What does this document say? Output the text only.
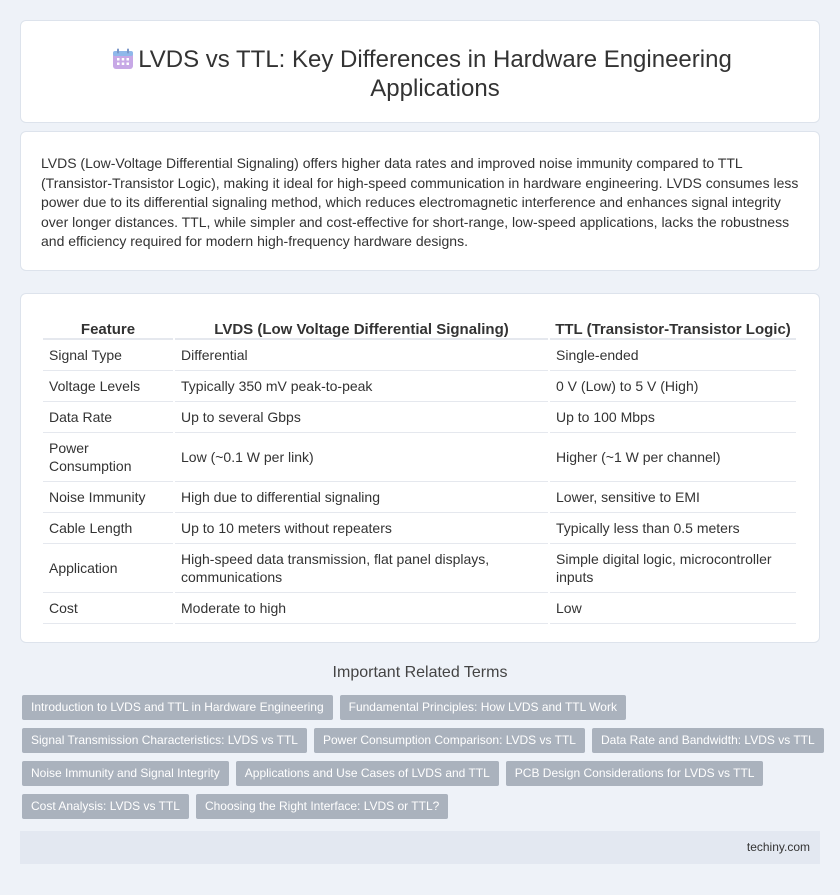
LVDS vs TTL: Key Differences in Hardware Engineering Applications

LVDS (Low-Voltage Differential Signaling) offers higher data rates and improved noise immunity compared to TTL (Transistor-Transistor Logic), making it ideal for high-speed communication in hardware engineering. LVDS consumes less power due to its differential signaling method, which reduces electromagnetic interference and enhances signal integrity over longer distances. TTL, while simpler and cost-effective for short-range, low-speed applications, lacks the robustness and efficiency required for modern high-frequency hardware designs.

Feature	LVDS (Low Voltage Differential Signaling)	TTL (Transistor-Transistor Logic)
Signal Type	Differential	Single-ended
Voltage Levels	Typically 350 mV peak-to-peak	0 V (Low) to 5 V (High)
Data Rate	Up to several Gbps	Up to 100 Mbps
Power Consumption	Low (~0.1 W per link)	Higher (~1 W per channel)
Noise Immunity	High due to differential signaling	Lower, sensitive to EMI
Cable Length	Up to 10 meters without repeaters	Typically less than 0.5 meters
Application	High-speed data transmission, flat panel displays, communications	Simple digital logic, microcontroller inputs
Cost	Moderate to high	Low
Important Related Terms
Introduction to LVDS and TTL in Hardware Engineering	Fundamental Principles: How LVDS and TTL Work
Signal Transmission Characteristics: LVDS vs TTL	Power Consumption Comparison: LVDS vs TTL	Data Rate and Bandwidth: LVDS vs TTL
Noise Immunity and Signal Integrity	Applications and Use Cases of LVDS and TTL	PCB Design Considerations for LVDS vs TTL
Cost Analysis: LVDS vs TTL	Choosing the Right Interface: LVDS or TTL?
techiny.com
